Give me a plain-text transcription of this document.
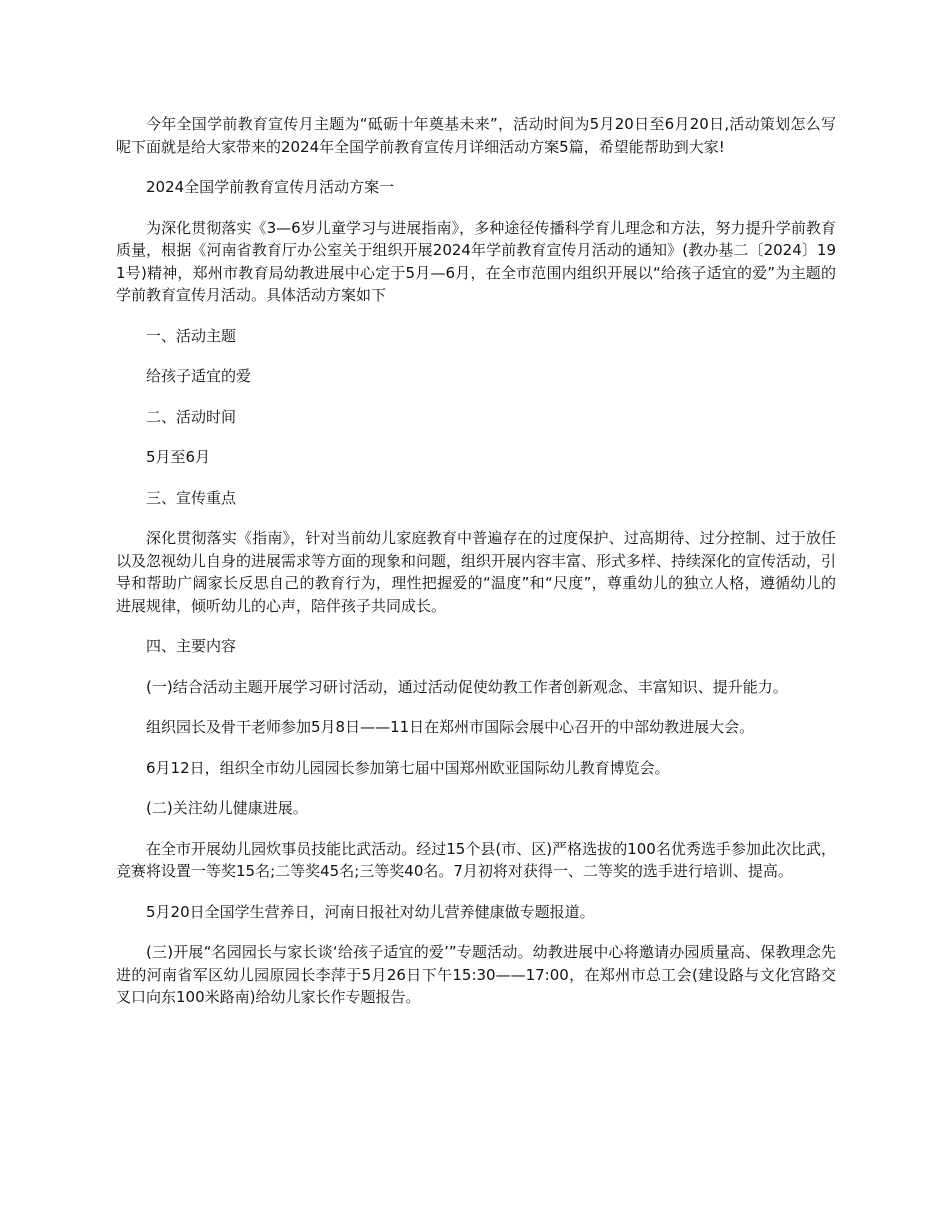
今年全国学前教育宣传月主题为“砥砺十年奠基未来”，活动时间为5月20日至6月20日,活动策划怎么写呢下面就是给大家带来的2024年全国学前教育宣传月详细活动方案5篇，希望能帮助到大家!

2024全国学前教育宣传月活动方案一

为深化贯彻落实《3—6岁儿童学习与进展指南》，多种途径传播科学育儿理念和方法，努力提升学前教育质量，根据《河南省教育厅办公室关于组织开展2024年学前教育宣传月活动的通知》(教办基二〔2024〕191号)精神，郑州市教育局幼教进展中心定于5月—6月，在全市范围内组织开展以“给孩子适宜的爱”为主题的学前教育宣传月活动。具体活动方案如下

一、活动主题

给孩子适宜的爱

二、活动时间

5月至6月

三、宣传重点

深化贯彻落实《指南》，针对当前幼儿家庭教育中普遍存在的过度保护、过高期待、过分控制、过于放任以及忽视幼儿自身的进展需求等方面的现象和问题，组织开展内容丰富、形式多样、持续深化的宣传活动，引导和帮助广阔家长反思自己的教育行为，理性把握爱的“温度”和“尺度”，尊重幼儿的独立人格，遵循幼儿的进展规律，倾听幼儿的心声，陪伴孩子共同成长。

四、主要内容

(一)结合活动主题开展学习研讨活动，通过活动促使幼教工作者创新观念、丰富知识、提升能力。

组织园长及骨干老师参加5月8日——11日在郑州市国际会展中心召开的中部幼教进展大会。

6月12日，组织全市幼儿园园长参加第七届中国郑州欧亚国际幼儿教育博览会。

(二)关注幼儿健康进展。

在全市开展幼儿园炊事员技能比武活动。经过15个县(市、区)严格选拔的100名优秀选手参加此次比武，竞赛将设置一等奖15名;二等奖45名;三等奖40名。7月初将对获得一、二等奖的选手进行培训、提高。

5月20日全国学生营养日，河南日报社对幼儿营养健康做专题报道。

(三)开展“名园园长与家长谈‘给孩子适宜的爱’”专题活动。幼教进展中心将邀请办园质量高、保教理念先进的河南省军区幼儿园原园长李萍于5月26日下午15:30——17:00，在郑州市总工会(建设路与文化宫路交叉口向东100米路南)给幼儿家长作专题报告。
